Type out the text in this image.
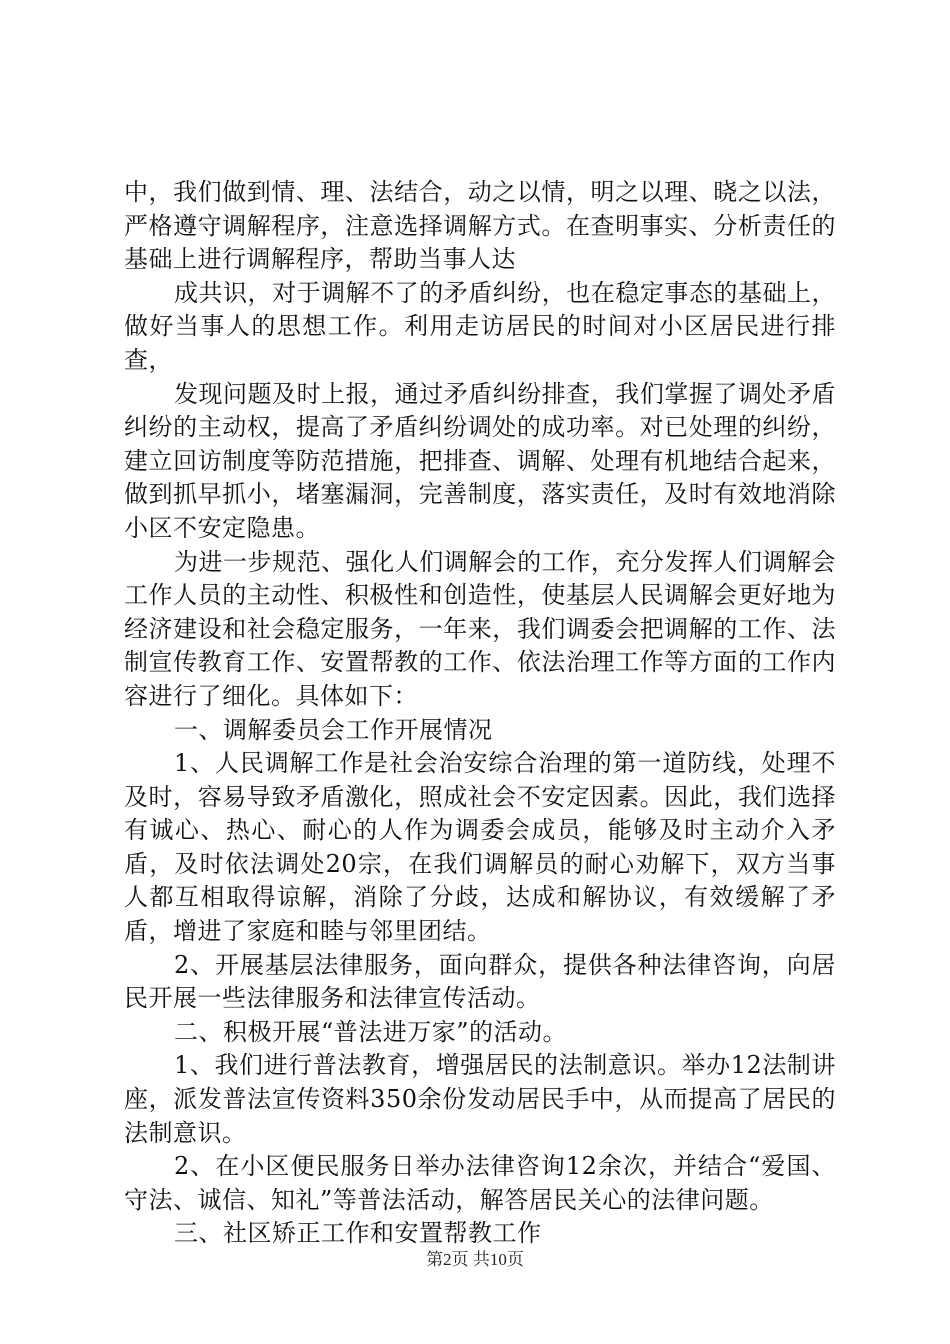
中，我们做到情、理、法结合，动之以情，明之以理、晓之以法，严格遵守调解程序，注意选择调解方式。在查明事实、分析责任的基础上进行调解程序，帮助当事人达

成共识，对于调解不了的矛盾纠纷，也在稳定事态的基础上，做好当事人的思想工作。利用走访居民的时间对小区居民进行排查，

发现问题及时上报，通过矛盾纠纷排查，我们掌握了调处矛盾纠纷的主动权，提高了矛盾纠纷调处的成功率。对已处理的纠纷，建立回访制度等防范措施，把排查、调解、处理有机地结合起来，做到抓早抓小，堵塞漏洞，完善制度，落实责任，及时有效地消除小区不安定隐患。

为进一步规范、强化人们调解会的工作，充分发挥人们调解会工作人员的主动性、积极性和创造性，使基层人民调解会更好地为经济建设和社会稳定服务，一年来，我们调委会把调解的工作、法制宣传教育工作、安置帮教的工作、依法治理工作等方面的工作内容进行了细化。具体如下：

一、调解委员会工作开展情况

1、人民调解工作是社会治安综合治理的第一道防线，处理不及时，容易导致矛盾激化，照成社会不安定因素。因此，我们选择有诚心、热心、耐心的人作为调委会成员，能够及时主动介入矛盾，及时依法调处20宗，在我们调解员的耐心劝解下，双方当事人都互相取得谅解，消除了分歧，达成和解协议，有效缓解了矛盾，增进了家庭和睦与邻里团结。

2、开展基层法律服务，面向群众，提供各种法律咨询，向居民开展一些法律服务和法律宣传活动。

二、积极开展“普法进万家”的活动。

1、我们进行普法教育，增强居民的法制意识。举办12法制讲座，派发普法宣传资料350余份发动居民手中，从而提高了居民的法制意识。

2、在小区便民服务日举办法律咨询12余次，并结合“爱国、守法、诚信、知礼”等普法活动，解答居民关心的法律问题。

三、社区矫正工作和安置帮教工作

第2页 共10页
